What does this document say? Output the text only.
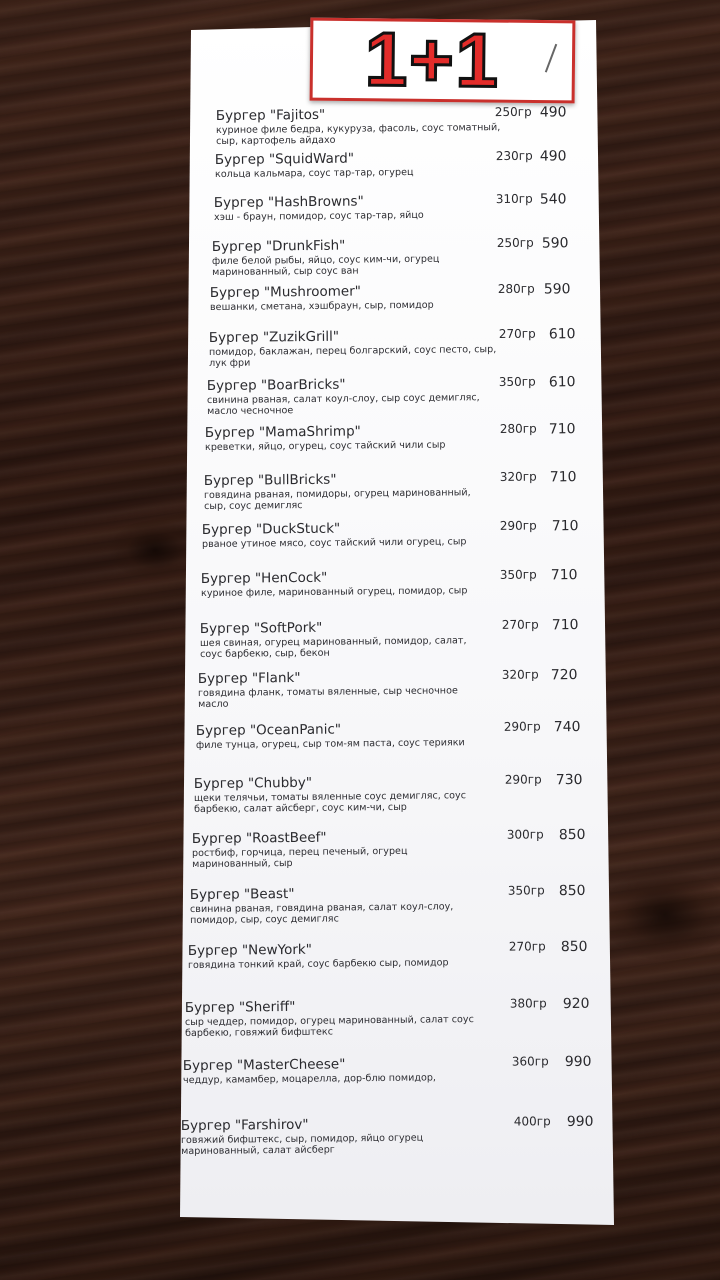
Бургер "Fajitos"	250гр 490
куриное филе бедра, кукуруза, фасоль, соус томатный, сыр, картофель айдахо
Бургер "SquidWard"	230гр 490
кольца кальмара, соус тар-тар, огурец
Бургер "HashBrowns"	310гр 540
хэш - браун, помидор, соус тар-тар, яйцо
Бургер "DrunkFish"	250гр 590
филе белой рыбы, яйцо, соус ким-чи, огурец маринованный, сыр соус ван
Бургер "Mushroomer"	280гр 590
вешанки, сметана, хэшбраун, сыр, помидор
Бургер "ZuzikGrill"	270гр 610
помидор, баклажан, перец болгарский, соус песто, сыр, лук фри
Бургер "BoarBricks"	350гр 610
свинина рваная, салат коул-слоу, сыр соус демигляс, масло чесночное
Бургер "MamaShrimp"	280гр 710
креветки, яйцо, огурец, соус тайский чили сыр
Бургер "BullBricks"	320гр 710
говядина рваная, помидоры, огурец маринованный, сыр, соус демигляс
Бургер "DuckStuck"	290гр 710
рваное утиное мясо, соус тайский чили огурец, сыр
Бургер "HenCock"	350гр 710
куриное филе, маринованный огурец, помидор, сыр
Бургер "SoftPork"	270гр 710
шея свиная, огурец маринованный, помидор, салат, соус барбекю, сыр, бекон
Бургер "Flank"	320гр 720
говядина фланк, томаты вяленные, сыр чесночное масло
Бургер "OceanPanic"	290гр 740
филе тунца, огурец, сыр том-ям паста, соус терияки
Бургер "Chubby"	290гр 730
щеки телячьи, томаты вяленные соус демигляс, соус барбекю, салат айсберг, соус ким-чи, сыр
Бургер "RoastBeef"	300гр 850
ростбиф, горчица, перец печеный, огурец маринованный, сыр
Бургер "Beast"	350гр 850
свинина рваная, говядина рваная, салат коул-слоу, помидор, сыр, соус демигляс
Бургер "NewYork"	270гр 850
говядина тонкий край, соус барбекю сыр, помидор
Бургер "Sheriff"	380гр 920
сыр чеддер, помидор, огурец маринованный, салат соус барбекю, говяжий бифштекс
Бургер "MasterCheese"	360гр 990
чеддур, камамбер, моцарелла, дор-блю помидор,
Бургер "Farshirov"	400гр 990
говяжий бифштекс, сыр, помидор, яйцо огурец маринованный, салат айсберг
1+1
